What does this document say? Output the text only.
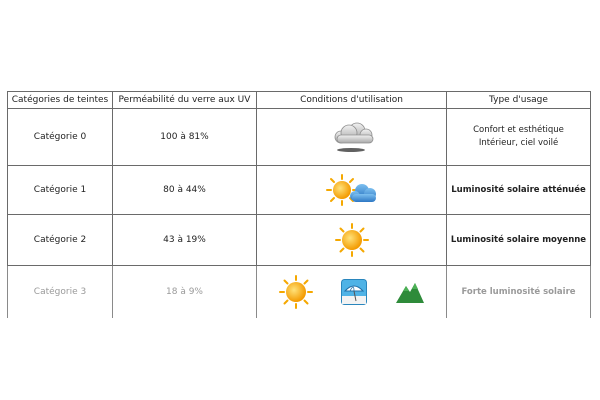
Catégories de teintes	Perméabilité du verre aux UV	Conditions d'utilisation	Type d'usage
Catégorie 0	100 à 81%		Confort et esthétique
Intérieur, ciel voilé

Catégorie 1	80 à 44%		Luminosité solaire atténuée

Catégorie 2	43 à 19%		Luminosité solaire moyenne

Catégorie 3	18 à 9%		Forte luminosité solaire
